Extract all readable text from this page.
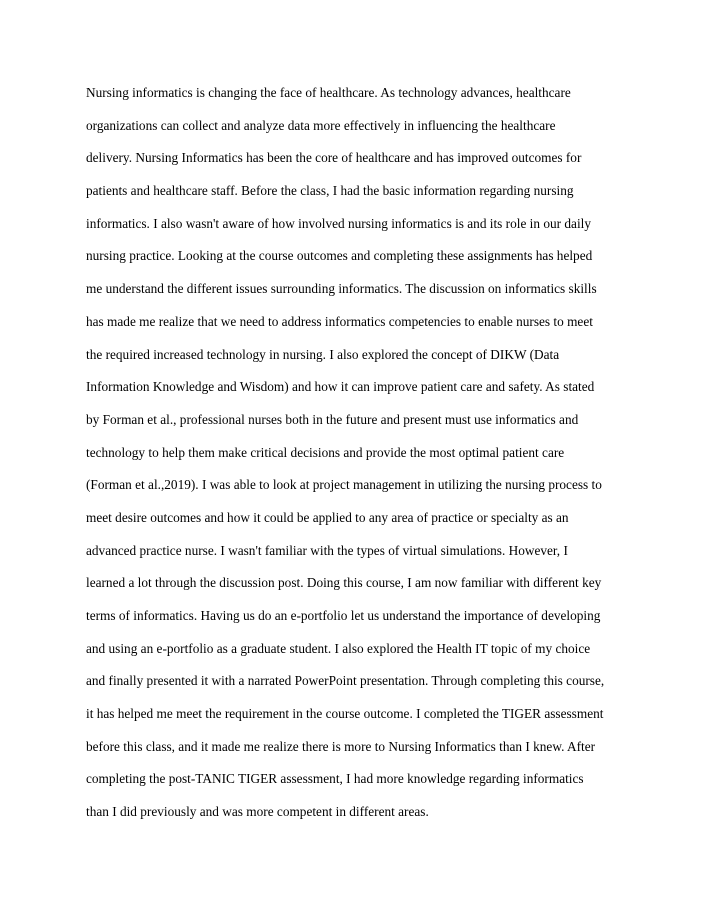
Nursing informatics is changing the face of healthcare. As technology advances, healthcare
organizations can collect and analyze data more effectively in influencing the healthcare
delivery. Nursing Informatics has been the core of healthcare and has improved outcomes for
patients and healthcare staff. Before the class, I had the basic information regarding nursing
informatics. I also wasn't aware of how involved nursing informatics is and its role in our daily
nursing practice. Looking at the course outcomes and completing these assignments has helped
me understand the different issues surrounding informatics. The discussion on informatics skills
has made me realize that we need to address informatics competencies to enable nurses to meet
the required increased technology in nursing. I also explored the concept of DIKW (Data
Information Knowledge and Wisdom) and how it can improve patient care and safety. As stated
by Forman et al., professional nurses both in the future and present must use informatics and
technology to help them make critical decisions and provide the most optimal patient care
(Forman et al.,2019). I was able to look at project management in utilizing the nursing process to
meet desire outcomes and how it could be applied to any area of practice or specialty as an
advanced practice nurse. I wasn't familiar with the types of virtual simulations. However, I
learned a lot through the discussion post. Doing this course, I am now familiar with different key
terms of informatics. Having us do an e-portfolio let us understand the importance of developing
and using an e-portfolio as a graduate student. I also explored the Health IT topic of my choice
and finally presented it with a narrated PowerPoint presentation. Through completing this course,
it has helped me meet the requirement in the course outcome. I completed the TIGER assessment
before this class, and it made me realize there is more to Nursing Informatics than I knew. After
completing the post-TANIC TIGER assessment, I had more knowledge regarding informatics
than I did previously and was more competent in different areas.
